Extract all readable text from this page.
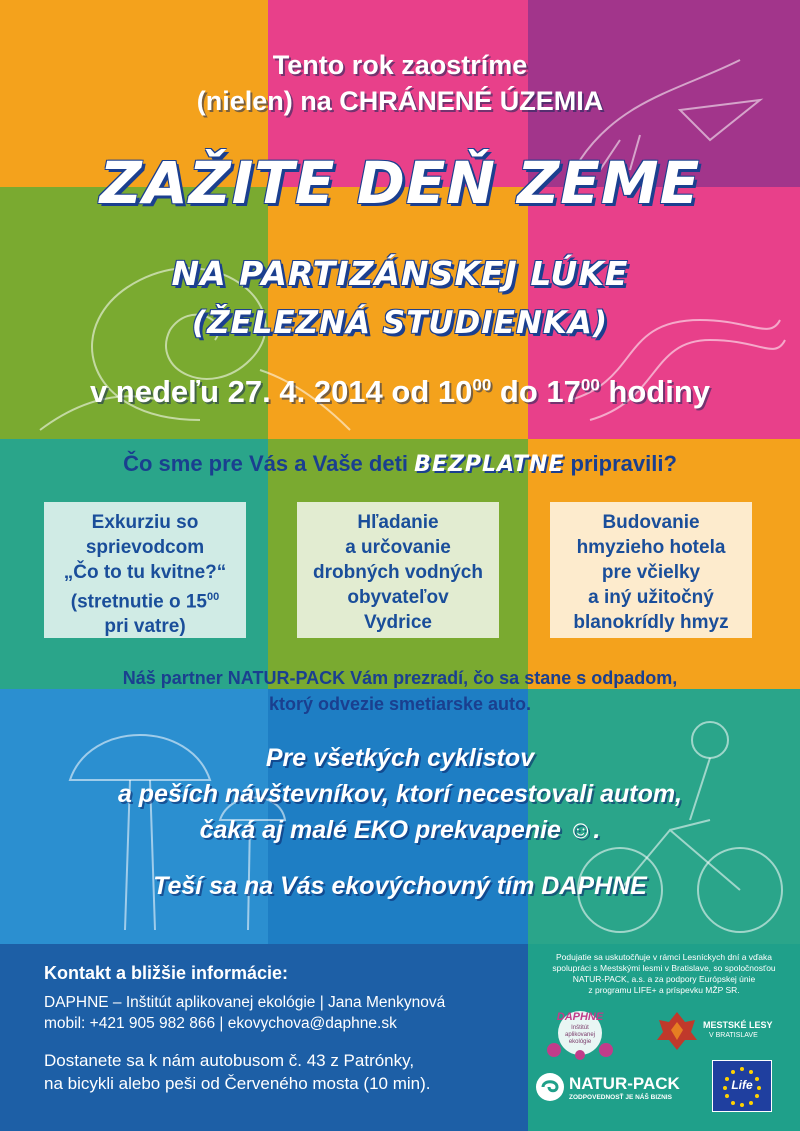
Tento rok zaostríme
(nielen) na CHRÁNENÉ ÚZEMIA
ZAŽITE DEŇ ZEME
NA PARTIZÁNSKEJ LÚKE
(ŽELEZNÁ STUDIENKA)
v nedeľu 27. 4. 2014 od $10^{00}$ do $17^{00}$ hodiny
Čo sme pre Vás a Vaše deti BEZPLATNE pripravili?
Exkurziu so
sprievodcom
„Čo to tu kvitne?“
(stretnutie o $15^{00}$
pri vatre)
Hľadanie
a určovanie
drobných vodných
obyvateľov
Vydrice
Budovanie
hmyzieho hotela
pre včielky
a iný užitočný
blanokrídly hmyz
Náš partner NATUR-PACK Vám prezradí, čo sa stane s odpadom,
ktorý odvezie smetiarske auto.
Pre všetkých cyklistov
a peších návštevníkov, ktorí necestovali autom,
čaká aj malé EKO prekvapenie ☺.
Teší sa na Vás ekovýchovný tím DAPHNE
Kontakt a bližšie informácie:
DAPHNE – Inštitút aplikovanej ekológie | Jana Menkynová
mobil: +421 905 982 866 | ekovychova@daphne.sk
Dostanete sa k nám autobusom č. 43 z Patrónky,
na bicykli alebo peši od Červeného mosta (10 min).
Podujatie sa uskutočňuje v rámci Lesníckych dní a vďaka
spolupráci s Mestskými lesmi v Bratislave, so spoločnosťou
NATUR-PACK, a.s. a za podpory Európskej únie
z programu LIFE+ a príspevku MŽP SR.
DAPHNE
Inštitút
aplikovanej
ekológie
MESTSKÉ LESY
V BRATISLAVE
NATUR-PACK
ZODPOVEDNOSŤ JE NÁŠ BIZNIS
Life
